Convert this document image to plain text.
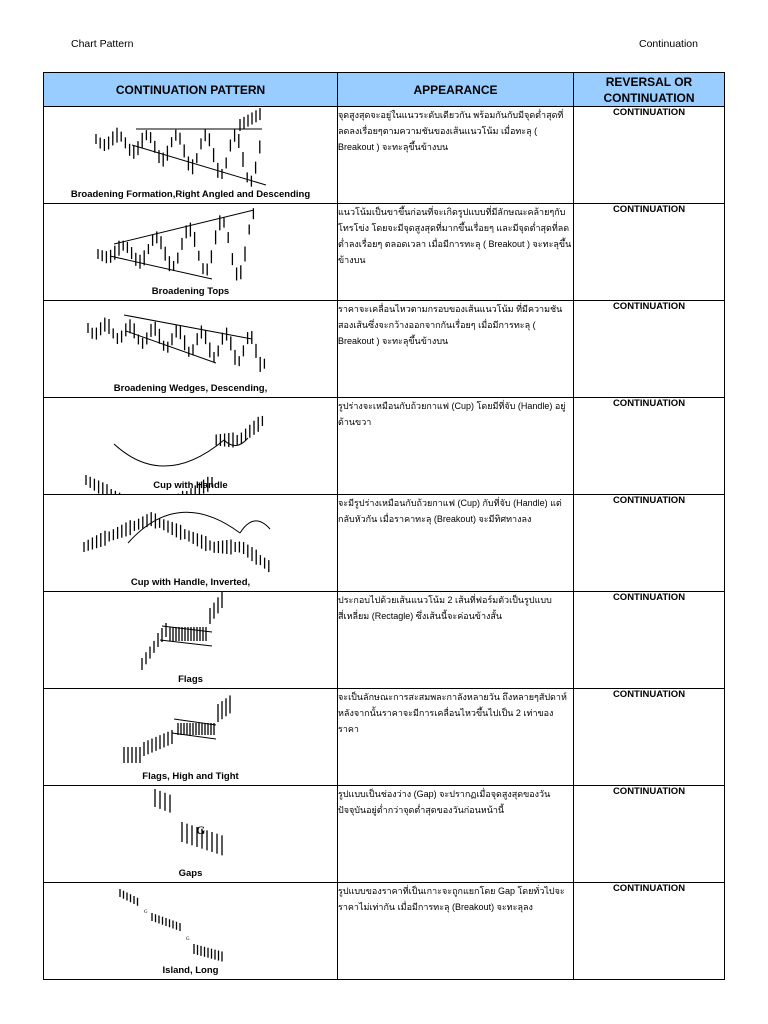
Chart Pattern	Continuation
CONTINUATION PATTERN	APPEARANCE	REVERSAL OR CONTINUATION

Broadening Formation,Right Angled and Descending	จุดสูงสุดจะอยู่ในแนวระดับเดียวกัน พร้อมกันกับมีจุดต่ำสุดที่ลดลงเรื่อยๆตามความชันของเส้นแนวโน้ม เมื่อทะลุ ( Breakout ) จะทะลุขึ้นข้างบน	CONTINUATION

Broadening Tops	แนวโน้มเป็นขาขึ้นก่อนที่จะเกิดรูปแบบที่มีลักษณะคล้ายๆกับโทรโข่ง โดยจะมีจุดสูงสุดที่มากขึ้นเรื่อยๆ และมีจุดต่ำสุดที่ลดต่ำลงเรื่อยๆ ตลอดเวลา เมื่อมีการทะลุ ( Breakout ) จะทะลุขึ้นข้างบน	CONTINUATION

Broadening Wedges, Descending,	ราคาจะเคลื่อนไหวตามกรอบของเส้นแนวโน้ม ที่มีความชันสองเส้นซึ่งจะกว้างออกจากกันเรื่อยๆ เมื่อมีการทะลุ ( Breakout ) จะทะลุขึ้นข้างบน	CONTINUATION

Cup with Handle	รูปร่างจะเหมือนกับถ้วยกาแฟ (Cup) โดยมีที่จับ (Handle) อยู่ด้านขวา	CONTINUATION

Cup with Handle, Inverted,	จะมีรูปร่างเหมือนกับถ้วยกาแฟ (Cup) กับที่จับ (Handle) แต่กลับหัวกัน เมื่อราคาทะลุ (Breakout) จะมีทิศทางลง	CONTINUATION

Flags	ประกอบไปด้วยเส้นแนวโน้ม 2 เส้นที่ฟอร์มตัวเป็นรูปแบบสี่เหลี่ยม (Rectagle) ซึ่งเส้นนี้จะค่อนข้างสั้น	CONTINUATION

Flags, High and Tight	จะเป็นลักษณะการสะสมพละกาลังหลายวัน ถึงหลายๆสัปดาห์ หลังจากนั้นราคาจะมีการเคลื่อนไหวขึ้นไปเป็น 2 เท่าของราคา	CONTINUATION

G
Gaps	รูปแบบเป็นช่องว่าง (Gap) จะปรากฏเมื่อจุดสูงสุดของวันปัจจุบันอยู่ต่ำกว่าจุดต่ำสุดของวันก่อนหน้านี้	CONTINUATION

G
G
Island, Long	รูปแบบของราคาที่เป็นเกาะจะถูกแยกโดย Gap โดยทั่วไปจะราคาไม่เท่ากัน เมื่อมีการทะลุ (Breakout) จะทะลุลง	CONTINUATION
